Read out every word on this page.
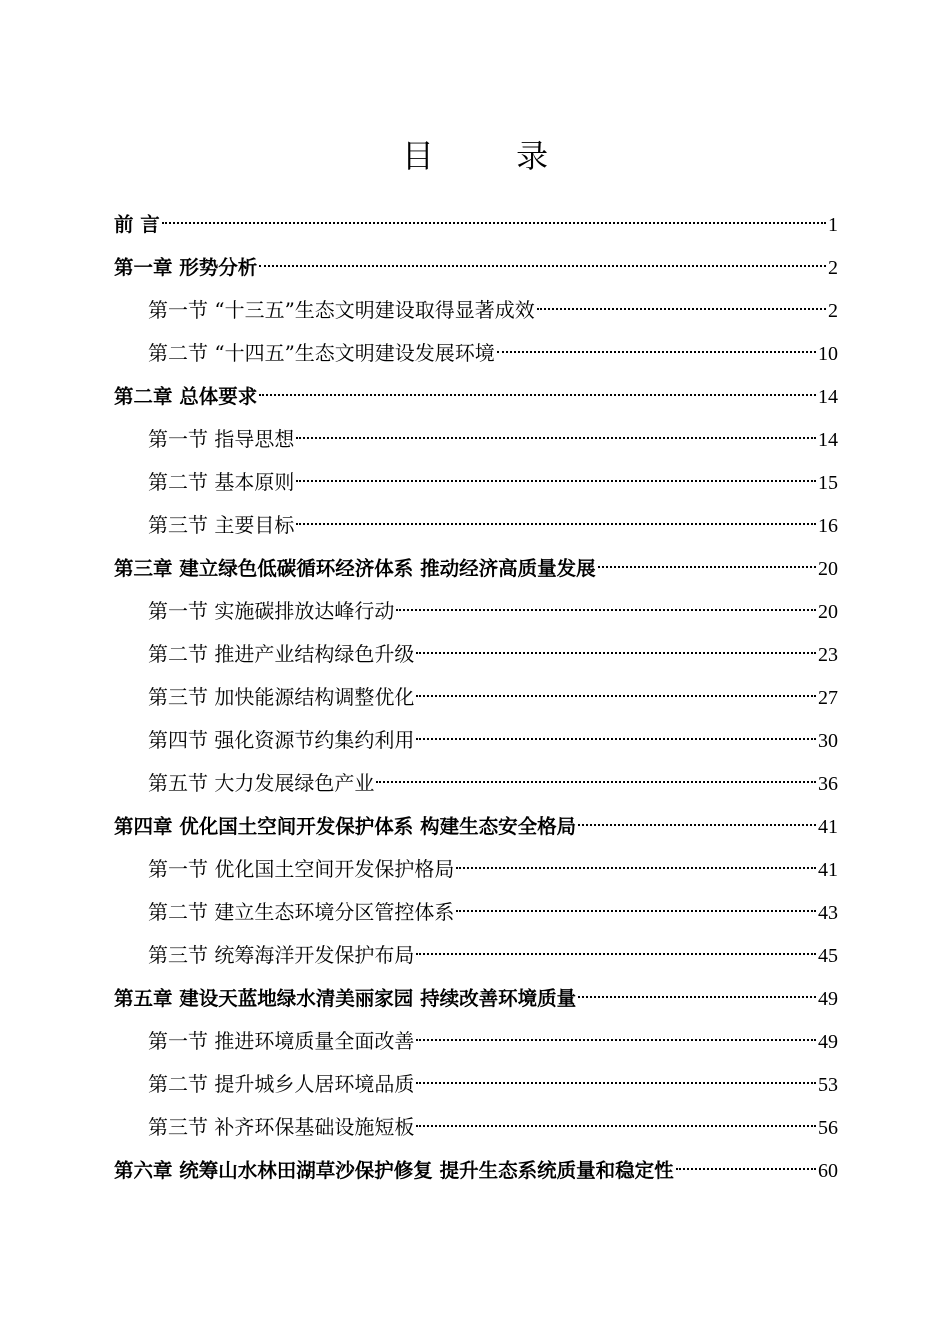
目 录
前 言	1
第一章 形势分析	2
第一节 “十三五”生态文明建设取得显著成效	2
第二节 “十四五”生态文明建设发展环境	10
第二章 总体要求	14
第一节 指导思想	14
第二节 基本原则	15
第三节 主要目标	16
第三章 建立绿色低碳循环经济体系 推动经济高质量发展	20
第一节 实施碳排放达峰行动	20
第二节 推进产业结构绿色升级	23
第三节 加快能源结构调整优化	27
第四节 强化资源节约集约利用	30
第五节 大力发展绿色产业	36
第四章 优化国土空间开发保护体系 构建生态安全格局	41
第一节 优化国土空间开发保护格局	41
第二节 建立生态环境分区管控体系	43
第三节 统筹海洋开发保护布局	45
第五章 建设天蓝地绿水清美丽家园 持续改善环境质量	49
第一节 推进环境质量全面改善	49
第二节 提升城乡人居环境品质	53
第三节 补齐环保基础设施短板	56
第六章 统筹山水林田湖草沙保护修复 提升生态系统质量和稳定性	60
